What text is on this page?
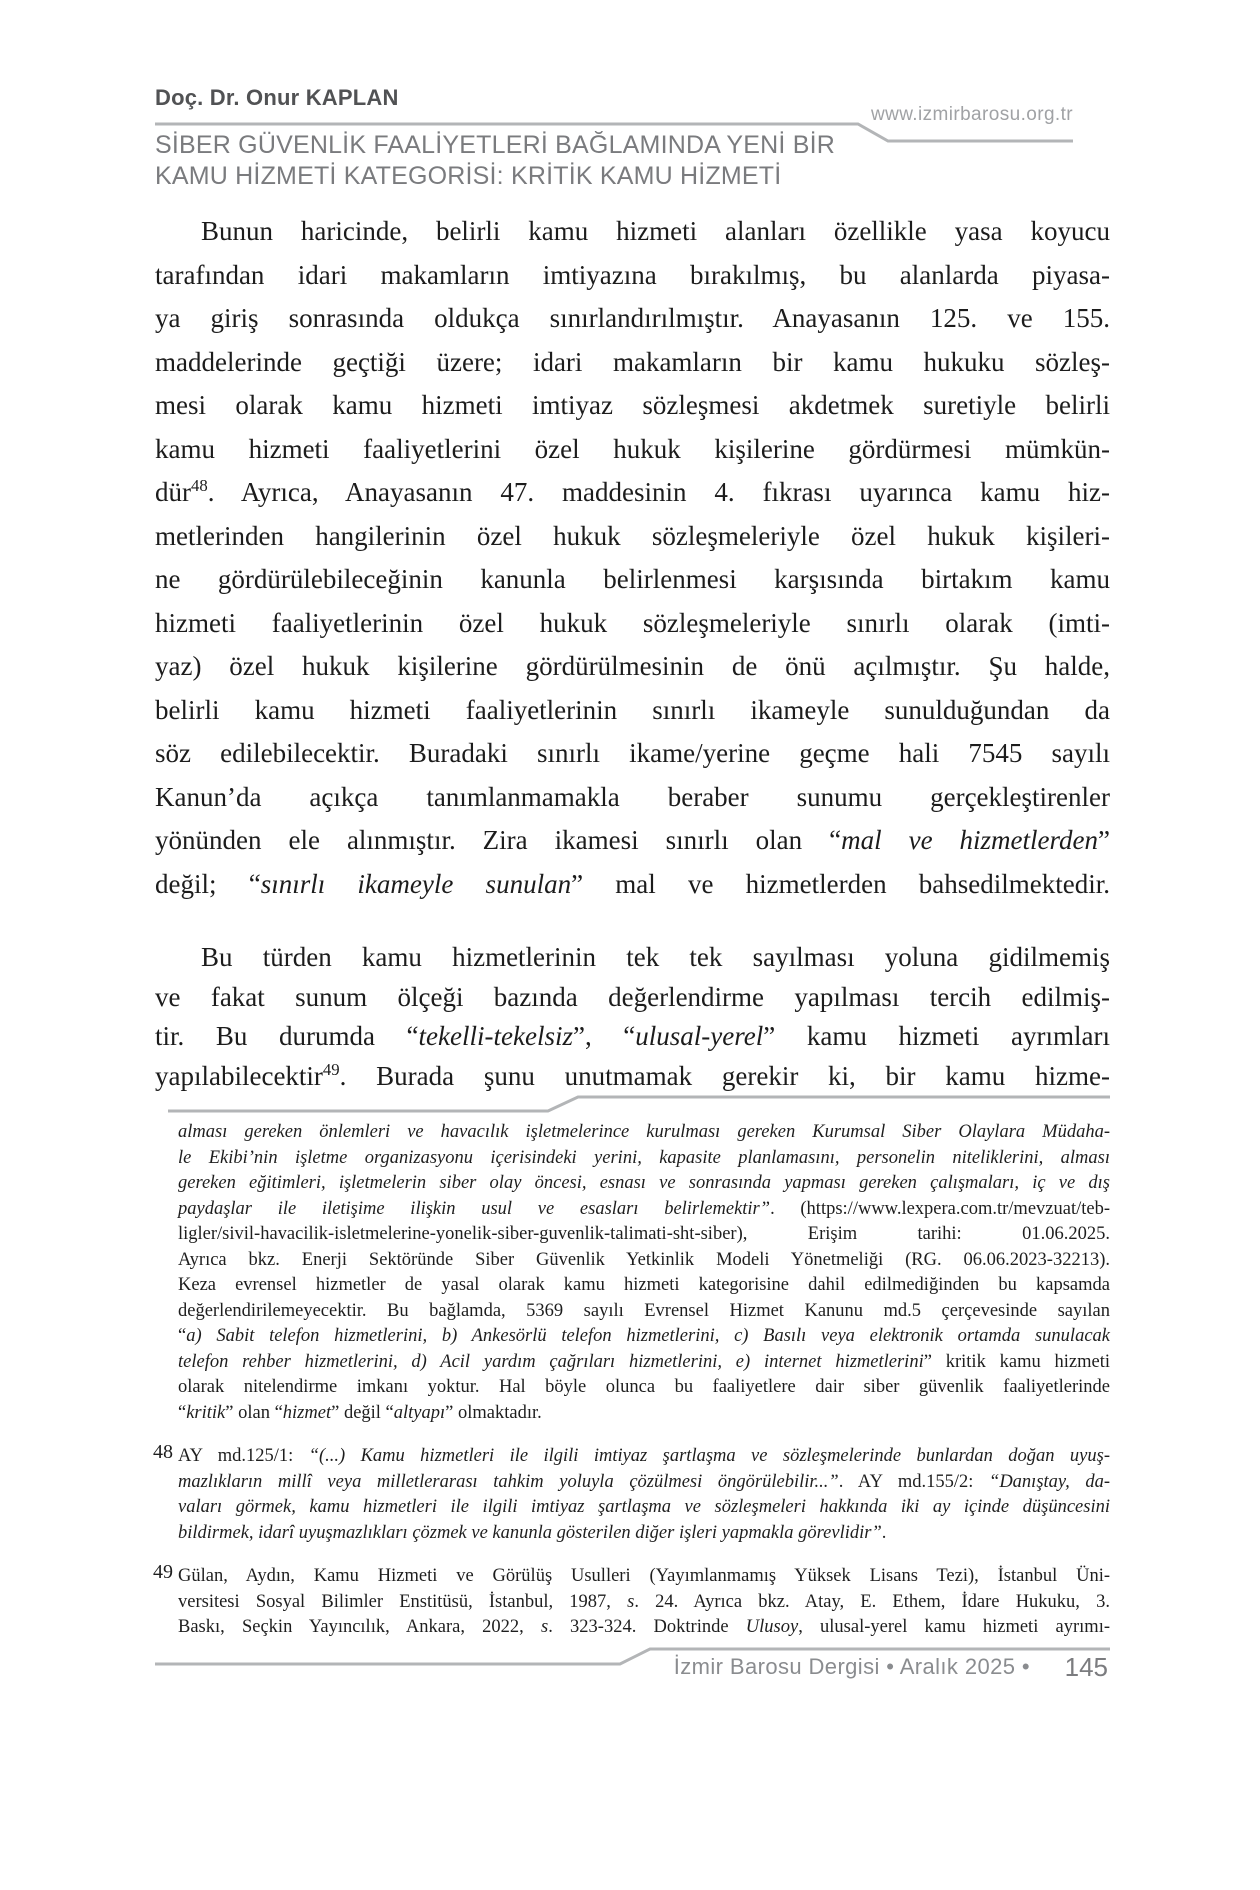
Doç. Dr. Onur KAPLAN
www.izmirbarosu.org.tr
SİBER GÜVENLİK FAALİYETLERİ BAĞLAMINDA YENİ BİR
KAMU HİZMETİ KATEGORİSİ: KRİTİK KAMU HİZMETİ
Bunun haricinde, belirli kamu hizmeti alanları özellikle yasa koyucu
tarafından idari makamların imtiyazına bırakılmış, bu alanlarda piyasa-
ya giriş sonrasında oldukça sınırlandırılmıştır. Anayasanın 125. ve 155.
maddelerinde geçtiği üzere; idari makamların bir kamu hukuku sözleş-
mesi olarak kamu hizmeti imtiyaz sözleşmesi akdetmek suretiyle belirli
kamu hizmeti faaliyetlerini özel hukuk kişilerine gördürmesi mümkün-
dür$^{48}$. Ayrıca, Anayasanın 47. maddesinin 4. fıkrası uyarınca kamu hiz-
metlerinden hangilerinin özel hukuk sözleşmeleriyle özel hukuk kişileri-
ne gördürülebileceğinin kanunla belirlenmesi karşısında birtakım kamu
hizmeti faaliyetlerinin özel hukuk sözleşmeleriyle sınırlı olarak (imti-
yaz) özel hukuk kişilerine gördürülmesinin de önü açılmıştır. Şu halde,
belirli kamu hizmeti faaliyetlerinin sınırlı ikameyle sunulduğundan da
söz edilebilecektir. Buradaki sınırlı ikame/yerine geçme hali 7545 sayılı
Kanun’da açıkça tanımlanmamakla beraber sunumu gerçekleştirenler
yönünden ele alınmıştır. Zira ikamesi sınırlı olan “mal ve hizmetlerden”
değil; “sınırlı ikameyle sunulan” mal ve hizmetlerden bahsedilmektedir.
Bu türden kamu hizmetlerinin tek tek sayılması yoluna gidilmemiş
ve fakat sunum ölçeği bazında değerlendirme yapılması tercih edilmiş-
tir. Bu durumda “tekelli-tekelsiz”, “ulusal-yerel” kamu hizmeti ayrımları
yapılabilecektir$^{49}$. Burada şunu unutmamak gerekir ki, bir kamu hizme-
alması gereken önlemleri ve havacılık işletmelerince kurulması gereken Kurumsal Siber Olaylara Müdaha-
le Ekibi’nin işletme organizasyonu içerisindeki yerini, kapasite planlamasını, personelin niteliklerini, alması
gereken eğitimleri, işletmelerin siber olay öncesi, esnası ve sonrasında yapması gereken çalışmaları, iç ve dış
paydaşlar ile iletişime ilişkin usul ve esasları belirlemektir”. (https://www.lexpera.com.tr/mevzuat/teb-
ligler/sivil-havacilik-isletmelerine-yonelik-siber-guvenlik-talimati-sht-siber), Erişim tarihi: 01.06.2025.
Ayrıca bkz. Enerji Sektöründe Siber Güvenlik Yetkinlik Modeli Yönetmeliği (RG. 06.06.2023-32213).
Keza evrensel hizmetler de yasal olarak kamu hizmeti kategorisine dahil edilmediğinden bu kapsamda
değerlendirilemeyecektir. Bu bağlamda, 5369 sayılı Evrensel Hizmet Kanunu md.5 çerçevesinde sayılan
“a) Sabit telefon hizmetlerini, b) Ankesörlü telefon hizmetlerini, c) Basılı veya elektronik ortamda sunulacak
telefon rehber hizmetlerini, d) Acil yardım çağrıları hizmetlerini, e) internet hizmetlerini” kritik kamu hizmeti
olarak nitelendirme imkanı yoktur. Hal böyle olunca bu faaliyetlere dair siber güvenlik faaliyetlerinde
“kritik” olan “hizmet” değil “altyapı” olmaktadır.
48 AY md.125/1: “(...) Kamu hizmetleri ile ilgili imtiyaz şartlaşma ve sözleşmelerinde bunlardan doğan uyuş-
mazlıkların millî veya milletlerarası tahkim yoluyla çözülmesi öngörülebilir...”. AY md.155/2: “Danıştay, da-
vaları görmek, kamu hizmetleri ile ilgili imtiyaz şartlaşma ve sözleşmeleri hakkında iki ay içinde düşüncesini
bildirmek, idarî uyuşmazlıkları çözmek ve kanunla gösterilen diğer işleri yapmakla görevlidir”.
49 Gülan, Aydın, Kamu Hizmeti ve Görülüş Usulleri (Yayımlanmamış Yüksek Lisans Tezi), İstanbul Üni-
versitesi Sosyal Bilimler Enstitüsü, İstanbul, 1987, s. 24. Ayrıca bkz. Atay, E. Ethem, İdare Hukuku, 3.
Baskı, Seçkin Yayıncılık, Ankara, 2022, s. 323-324. Doktrinde Ulusoy, ulusal-yerel kamu hizmeti ayrımı-
İzmir Barosu Dergisi • Aralık 2025 • 145
